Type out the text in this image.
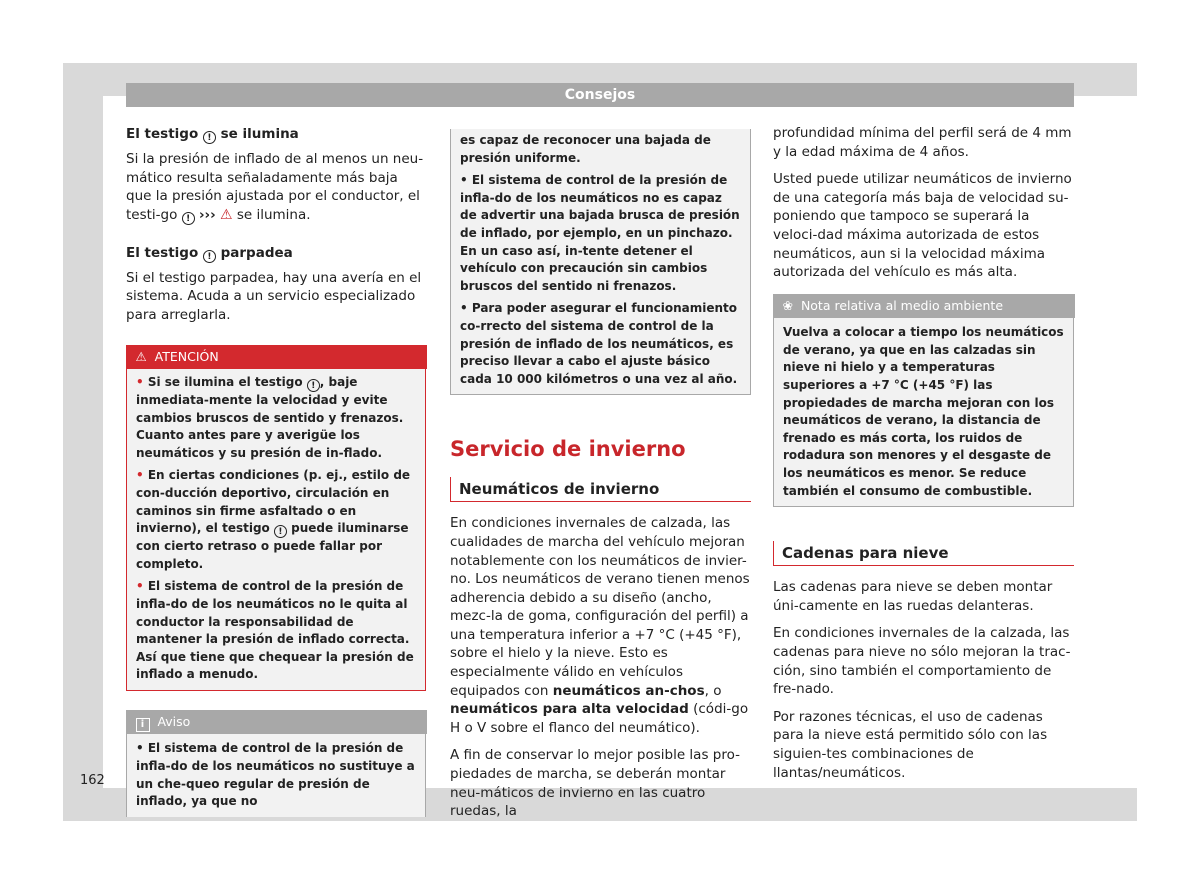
Consejos

El testigo ! se ilumina

Si la presión de inflado de al menos un neu-mático resulta señaladamente más baja que la presión ajustada por el conductor, el testi-go ! ››› ⚠ se ilumina.

El testigo ! parpadea

Si el testigo parpadea, hay una avería en el sistema. Acuda a un servicio especializado para arreglarla.

⚠ ATENCIÓN
• Si se ilumina el testigo ! , baje inmediata-mente la velocidad y evite cambios bruscos de sentido y frenazos. Cuanto antes pare y averigüe los neumáticos y su presión de in-flado.
• En ciertas condiciones (p. ej., estilo de con-ducción deportivo, circulación en caminos sin firme asfaltado o en invierno), el testigo ! puede iluminarse con cierto retraso o puede fallar por completo.
• El sistema de control de la presión de infla-do de los neumáticos no le quita al conductor la responsabilidad de mantener la presión de inflado correcta. Así que tiene que chequear la presión de inflado a menudo.
i Aviso
• El sistema de control de la presión de infla-do de los neumáticos no sustituye a un che-queo regular de presión de inflado, ya que no
es capaz de reconocer una bajada de presión uniforme.
• El sistema de control de la presión de infla-do de los neumáticos no es capaz de advertir una bajada brusca de presión de inflado, por ejemplo, en un pinchazo. En un caso así, in-tente detener el vehículo con precaución sin cambios bruscos del sentido ni frenazos.
• Para poder asegurar el funcionamiento co-rrecto del sistema de control de la presión de inflado de los neumáticos, es preciso llevar a cabo el ajuste básico cada 10 000 kilómetros o una vez al año.
Servicio de invierno
Neumáticos de invierno

En condiciones invernales de calzada, las cualidades de marcha del vehículo mejoran notablemente con los neumáticos de invier-no. Los neumáticos de verano tienen menos adherencia debido a su diseño (ancho, mezc-la de goma, configuración del perfil) a una temperatura inferior a +7 °C (+45 °F), sobre el hielo y la nieve. Esto es especialmente válido en vehículos equipados con neumáticos an-chos, o neumáticos para alta velocidad (códi-go H o V sobre el flanco del neumático).

A fin de conservar lo mejor posible las pro-piedades de marcha, se deberán montar neu-máticos de invierno en las cuatro ruedas, la

profundidad mínima del perfil será de 4 mm y la edad máxima de 4 años.

Usted puede utilizar neumáticos de invierno de una categoría más baja de velocidad su-poniendo que tampoco se superará la veloci-dad máxima autorizada de estos neumáticos, aun si la velocidad máxima autorizada del vehículo es más alta.

❀ Nota relativa al medio ambiente
Vuelva a colocar a tiempo los neumáticos de verano, ya que en las calzadas sin nieve ni hielo y a temperaturas superiores a +7 °C (+45 °F) las propiedades de marcha mejoran con los neumáticos de verano, la distancia de frenado es más corta, los ruidos de rodadura son menores y el desgaste de los neumáticos es menor. Se reduce también el consumo de combustible.
Cadenas para nieve

Las cadenas para nieve se deben montar úni-camente en las ruedas delanteras.

En condiciones invernales de la calzada, las cadenas para nieve no sólo mejoran la trac-ción, sino también el comportamiento de fre-nado.

Por razones técnicas, el uso de cadenas para la nieve está permitido sólo con las siguien-tes combinaciones de llantas/neumáticos.

162
